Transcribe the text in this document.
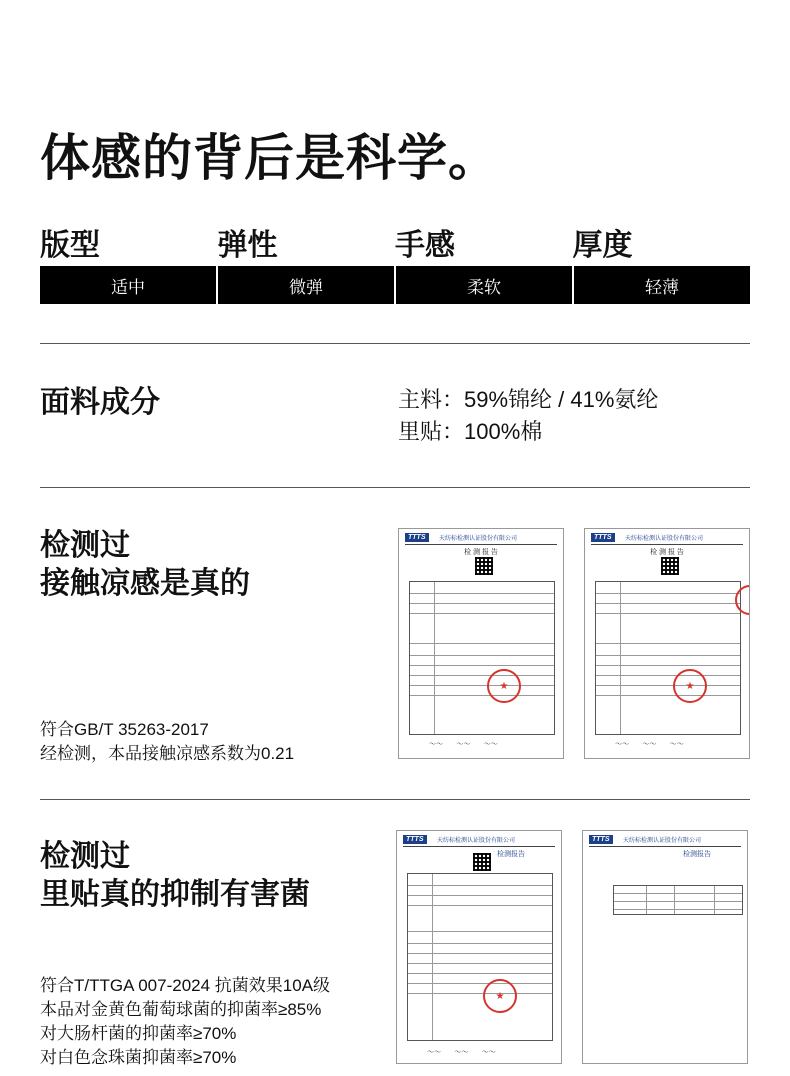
体感的背后是科学。
版型	弹性	手感	厚度
适中	微弹	柔软	轻薄
面料成分	主料：59%锦纶 / 41%氨纶
里贴：100%棉
检测过
接触凉感是真的
符合GB/T 35263-2017
经检测，本品接触凉感系数为0.21
TTTS	天纺标检测认证股份有限公司
检 测 报 告
★
～～      ～～      ～～
TTTS	天纺标检测认证股份有限公司
检 测 报 告
★
～～      ～～      ～～
检测过
里贴真的抑制有害菌
符合T/TTGA 007-2024 抗菌效果10A级
本品对金黄色葡萄球菌的抑菌率≥85%
对大肠杆菌的抑菌率≥70%
对白色念珠菌抑菌率≥70%
TTTS	天纺标检测认证股份有限公司
检测报告
★
～～      ～～      ～～
TTTS	天纺标检测认证股份有限公司
检测报告
